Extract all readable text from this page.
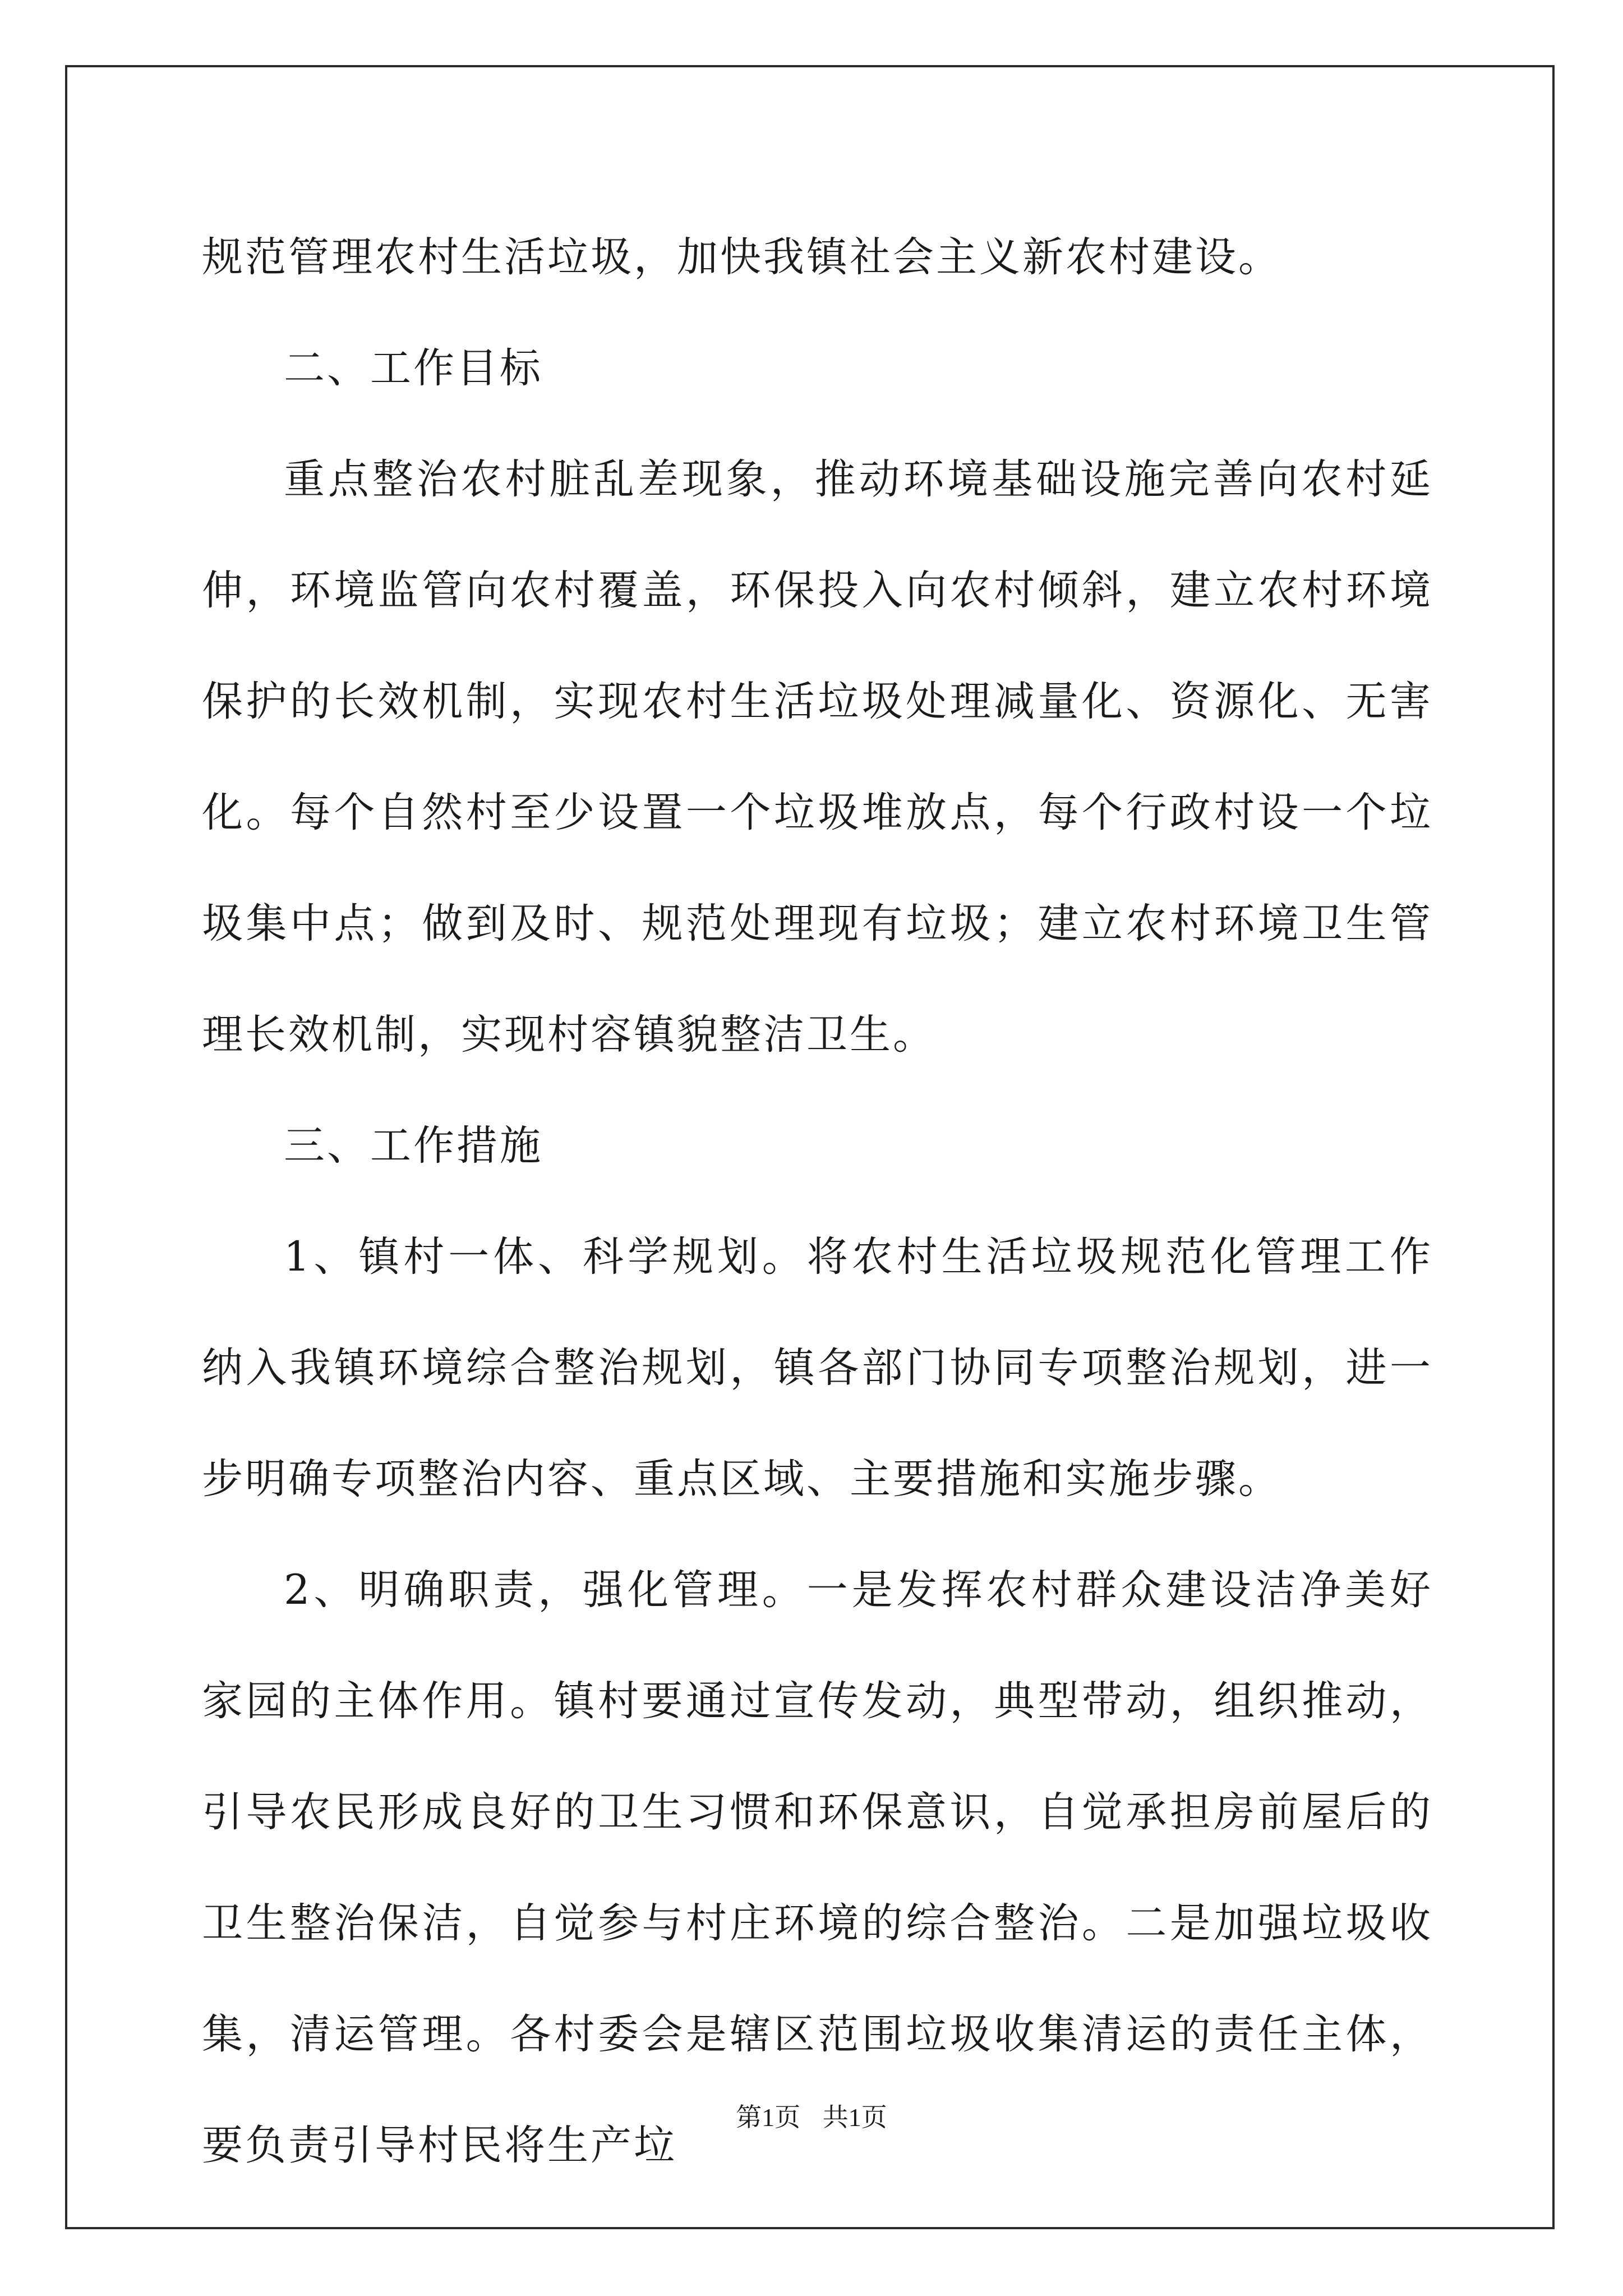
规范管理农村生活垃圾，加快我镇社会主义新农村建设。

二、工作目标

重点整治农村脏乱差现象，推动环境基础设施完善向农村延伸，环境监管向农村覆盖，环保投入向农村倾斜，建立农村环境保护的长效机制，实现农村生活垃圾处理减量化、资源化、无害化。每个自然村至少设置一个垃圾堆放点，每个行政村设一个垃圾集中点；做到及时、规范处理现有垃圾；建立农村环境卫生管理长效机制，实现村容镇貌整洁卫生。

三、工作措施

1、镇村一体、科学规划。将农村生活垃圾规范化管理工作纳入我镇环境综合整治规划，镇各部门协同专项整治规划，进一步明确专项整治内容、重点区域、主要措施和实施步骤。

2、明确职责，强化管理。一是发挥农村群众建设洁净美好家园的主体作用。镇村要通过宣传发动，典型带动，组织推动，引导农民形成良好的卫生习惯和环保意识，自觉承担房前屋后的卫生整治保洁，自觉参与村庄环境的综合整治。二是加强垃圾收集，清运管理。各村委会是辖区范围垃圾收集清运的责任主体，要负责引导村民将生产垃

第1页 共1页
